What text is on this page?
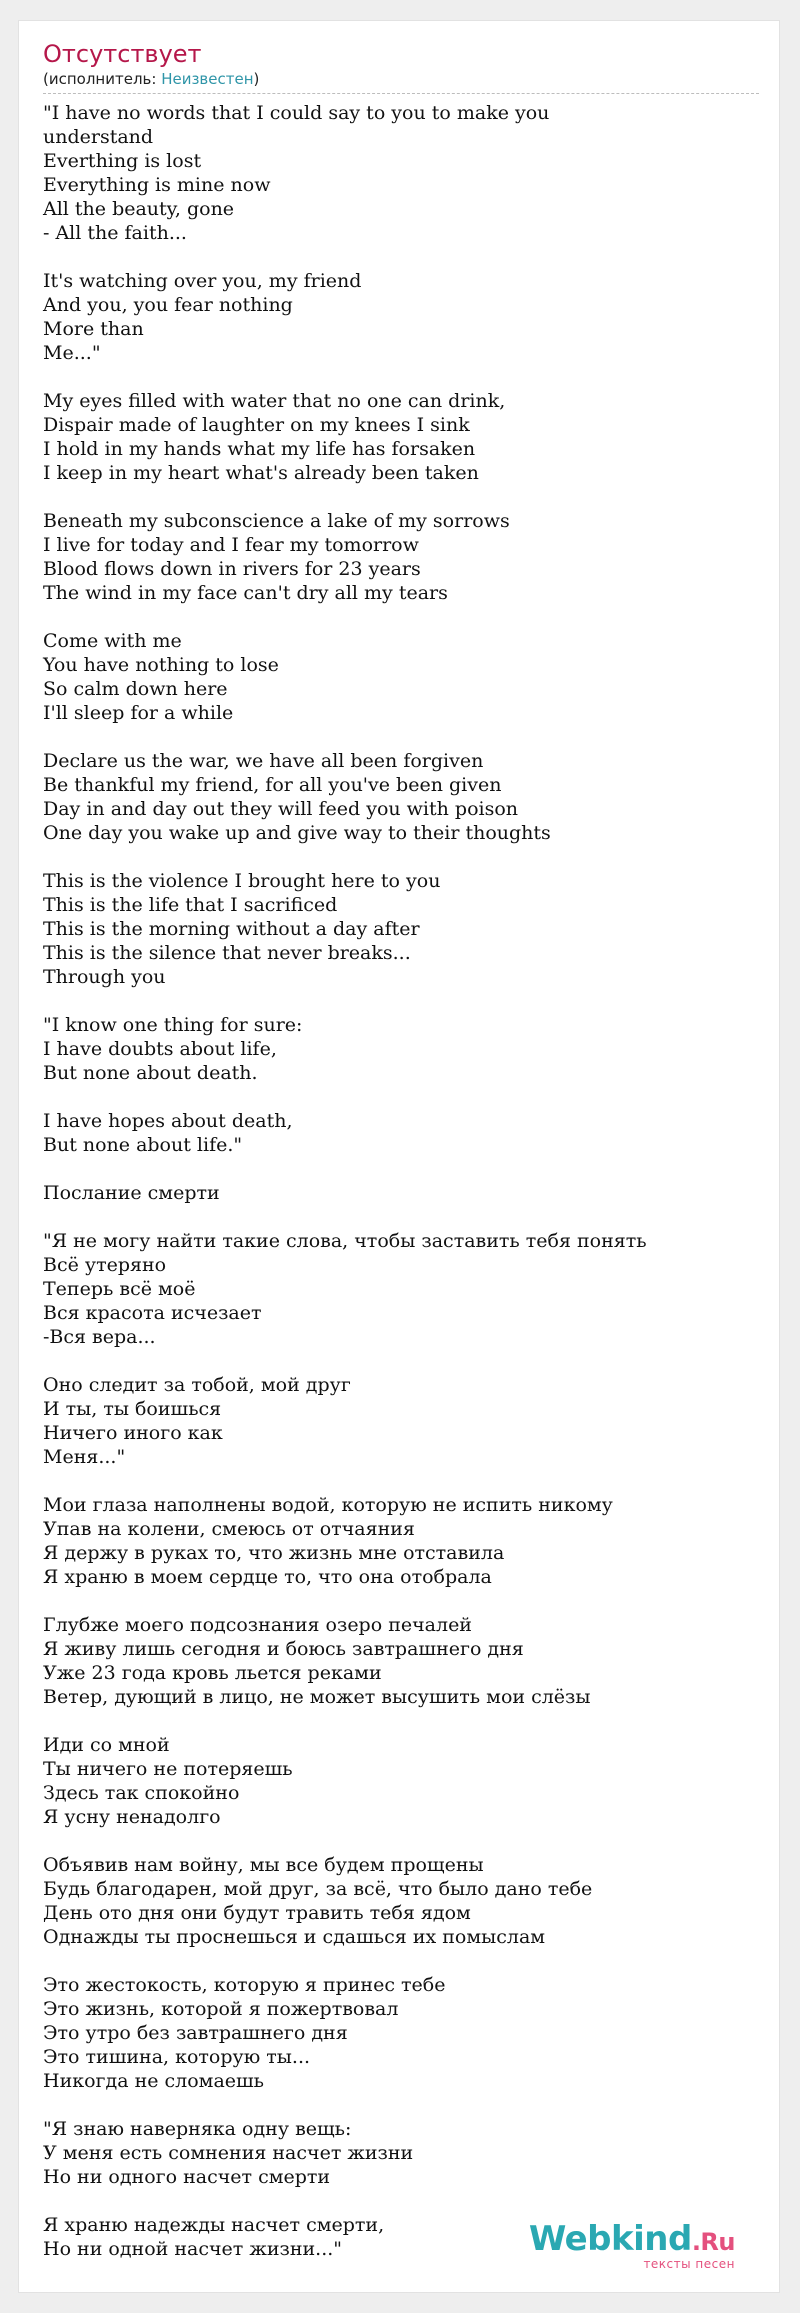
Отсутствует
(исполнитель: Неизвестен)
"I have no words that I could say to you to make you
understand
Everthing is lost
Everything is mine now
All the beauty, gone
- All the faith...

It's watching over you, my friend
And you, you fear nothing
More than
Me..."

My eyes filled with water that no one can drink,
Dispair made of laughter on my knees I sink
I hold in my hands what my life has forsaken
I keep in my heart what's already been taken

Beneath my subconscience a lake of my sorrows
I live for today and I fear my tomorrow
Blood flows down in rivers for 23 years
The wind in my face can't dry all my tears

Come with me
You have nothing to lose
So calm down here
I'll sleep for a while

Declare us the war, we have all been forgiven
Be thankful my friend, for all you've been given
Day in and day out they will feed you with poison
One day you wake up and give way to their thoughts

This is the violence I brought here to you
This is the life that I sacrificed
This is the morning without a day after
This is the silence that never breaks...
Through you

"I know one thing for sure:
I have doubts about life,
But none about death.

I have hopes about death,
But none about life."

Послание смерти

"Я не могу найти такие слова, чтобы заставить тебя понять
Всё утеряно
Теперь всё моё
Вся красота исчезает
-Вся вера...

Оно следит за тобой, мой друг
И ты, ты боишься
Ничего иного как
Меня..."

Мои глаза наполнены водой, которую не испить никому
Упав на колени, смеюсь от отчаяния
Я держу в руках то, что жизнь мне отставила
Я храню в моем сердце то, что она отобрала

Глубже моего подсознания озеро печалей
Я живу лишь сегодня и боюсь завтрашнего дня
Уже 23 года кровь льется реками
Ветер, дующий в лицо, не может высушить мои слёзы

Иди со мной
Ты ничего не потеряешь
Здесь так спокойно
Я усну ненадолго

Объявив нам войну, мы все будем прощены
Будь благодарен, мой друг, за всё, что было дано тебе
День ото дня они будут травить тебя ядом
Однажды ты проснешься и сдашься их помыслам

Это жестокость, которую я принес тебе
Это жизнь, которой я пожертвовал
Это утро без завтрашнего дня
Это тишина, которую ты...
Никогда не сломаешь

"Я знаю наверняка одну вещь:
У меня есть сомнения насчет жизни
Но ни одного насчет смерти

Я храню надежды насчет смерти,
Но ни одной насчет жизни..."	Webkind.Ru
тексты песен
